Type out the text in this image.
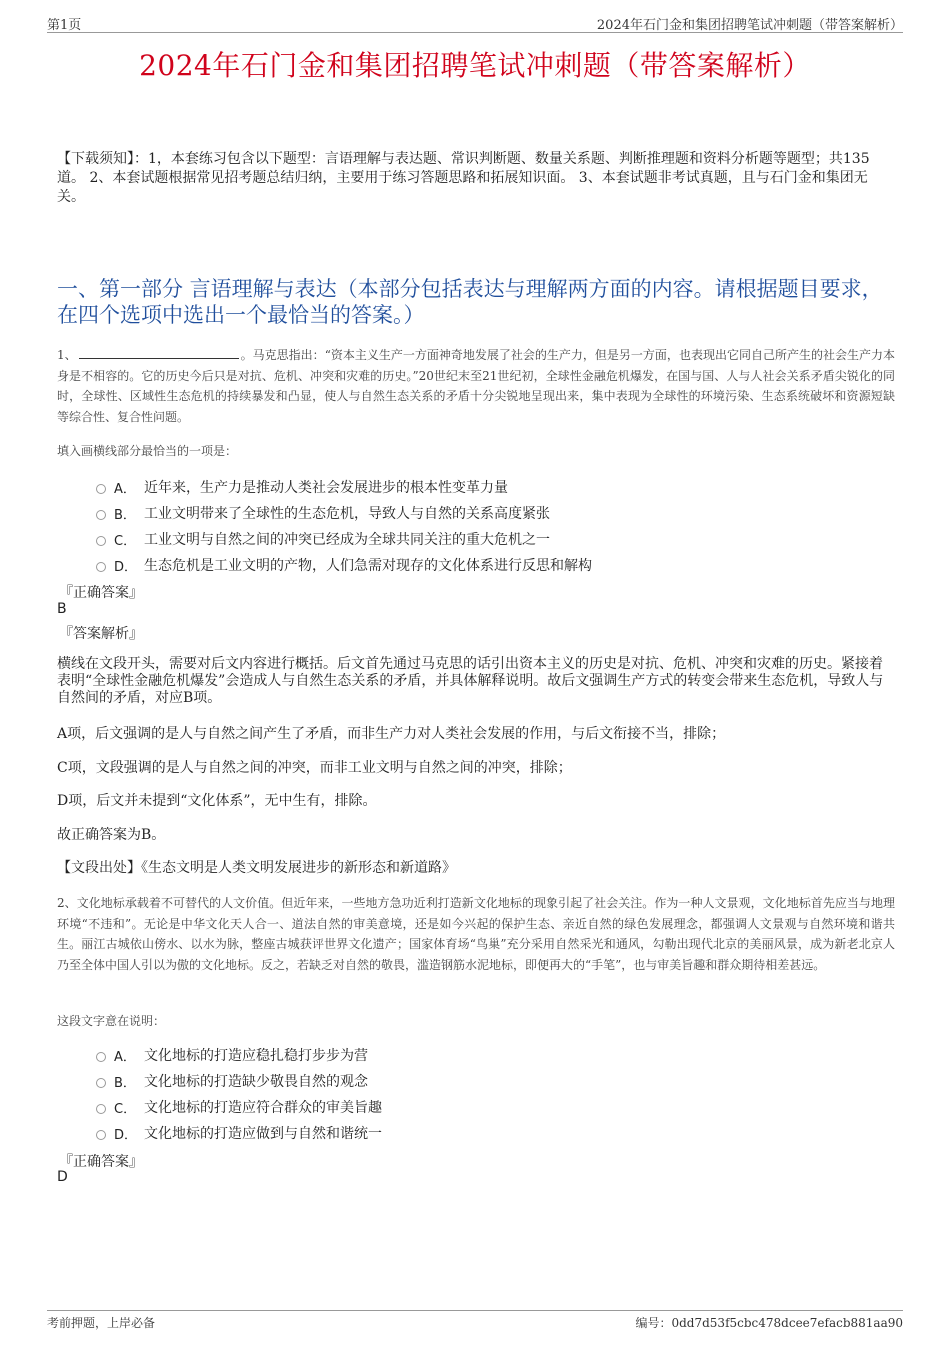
第1页	2024年石门金和集团招聘笔试冲刺题（带答案解析）
2024年石门金和集团招聘笔试冲刺题（带答案解析）
【下载须知】：1，本套练习包含以下题型：言语理解与表达题、常识判断题、数量关系题、判断推理题和资料分析题等题型；共135道。 2、本套试题根据常见招考题总结归纳，主要用于练习答题思路和拓展知识面。 3、本套试题非考试真题，且与石门金和集团无关。
一、第一部分 言语理解与表达（本部分包括表达与理解两方面的内容。请根据题目要求，在四个选项中选出一个最恰当的答案。）
1、	。马克思指出：“资本主义生产一方面神奇地发展了社会的生产力，但是另一方面，也表现出它同自己所产生的社会生产力本身是不相容的。它的历史今后只是对抗、危机、冲突和灾难的历史。”20世纪末至21世纪初，全球性金融危机爆发，在国与国、人与人社会关系矛盾尖锐化的同时，全球性、区域性生态危机的持续暴发和凸显，使人与自然生态关系的矛盾十分尖锐地呈现出来，集中表现为全球性的环境污染、生态系统破坏和资源短缺等综合性、复合性问题。
填入画横线部分最恰当的一项是：
A． 近年来，生产力是推动人类社会发展进步的根本性变革力量
B． 工业文明带来了全球性的生态危机，导致人与自然的关系高度紧张
C． 工业文明与自然之间的冲突已经成为全球共同关注的重大危机之一
D． 生态危机是工业文明的产物，人们急需对现存的文化体系进行反思和解构
『正确答案』
B
『答案解析』
横线在文段开头，需要对后文内容进行概括。后文首先通过马克思的话引出资本主义的历史是对抗、危机、冲突和灾难的历史。紧接着表明“全球性金融危机爆发”会造成人与自然生态关系的矛盾，并具体解释说明。故后文强调生产方式的转变会带来生态危机，导致人与自然间的矛盾，对应B项。
A项，后文强调的是人与自然之间产生了矛盾，而非生产力对人类社会发展的作用，与后文衔接不当，排除；
C项，文段强调的是人与自然之间的冲突，而非工业文明与自然之间的冲突，排除；
D项，后文并未提到“文化体系”，无中生有，排除。
故正确答案为B。
【文段出处】《生态文明是人类文明发展进步的新形态和新道路》
2、文化地标承载着不可替代的人文价值。但近年来，一些地方急功近利打造新文化地标的现象引起了社会关注。作为一种人文景观，文化地标首先应当与地理环境“不违和”。无论是中华文化天人合一、道法自然的审美意境，还是如今兴起的保护生态、亲近自然的绿色发展理念，都强调人文景观与自然环境和谐共生。丽江古城依山傍水、以水为脉，整座古城获评世界文化遗产；国家体育场“鸟巢”充分采用自然采光和通风，勾勒出现代北京的美丽风景，成为新老北京人乃至全体中国人引以为傲的文化地标。反之，若缺乏对自然的敬畏，滥造钢筋水泥地标，即便再大的“手笔”，也与审美旨趣和群众期待相差甚远。
这段文字意在说明：
A． 文化地标的打造应稳扎稳打步步为营
B． 文化地标的打造缺少敬畏自然的观念
C． 文化地标的打造应符合群众的审美旨趣
D． 文化地标的打造应做到与自然和谐统一
『正确答案』
D
考前押题，上岸必备	编号：0dd7d53f5cbc478dcee7efacb881aa90
